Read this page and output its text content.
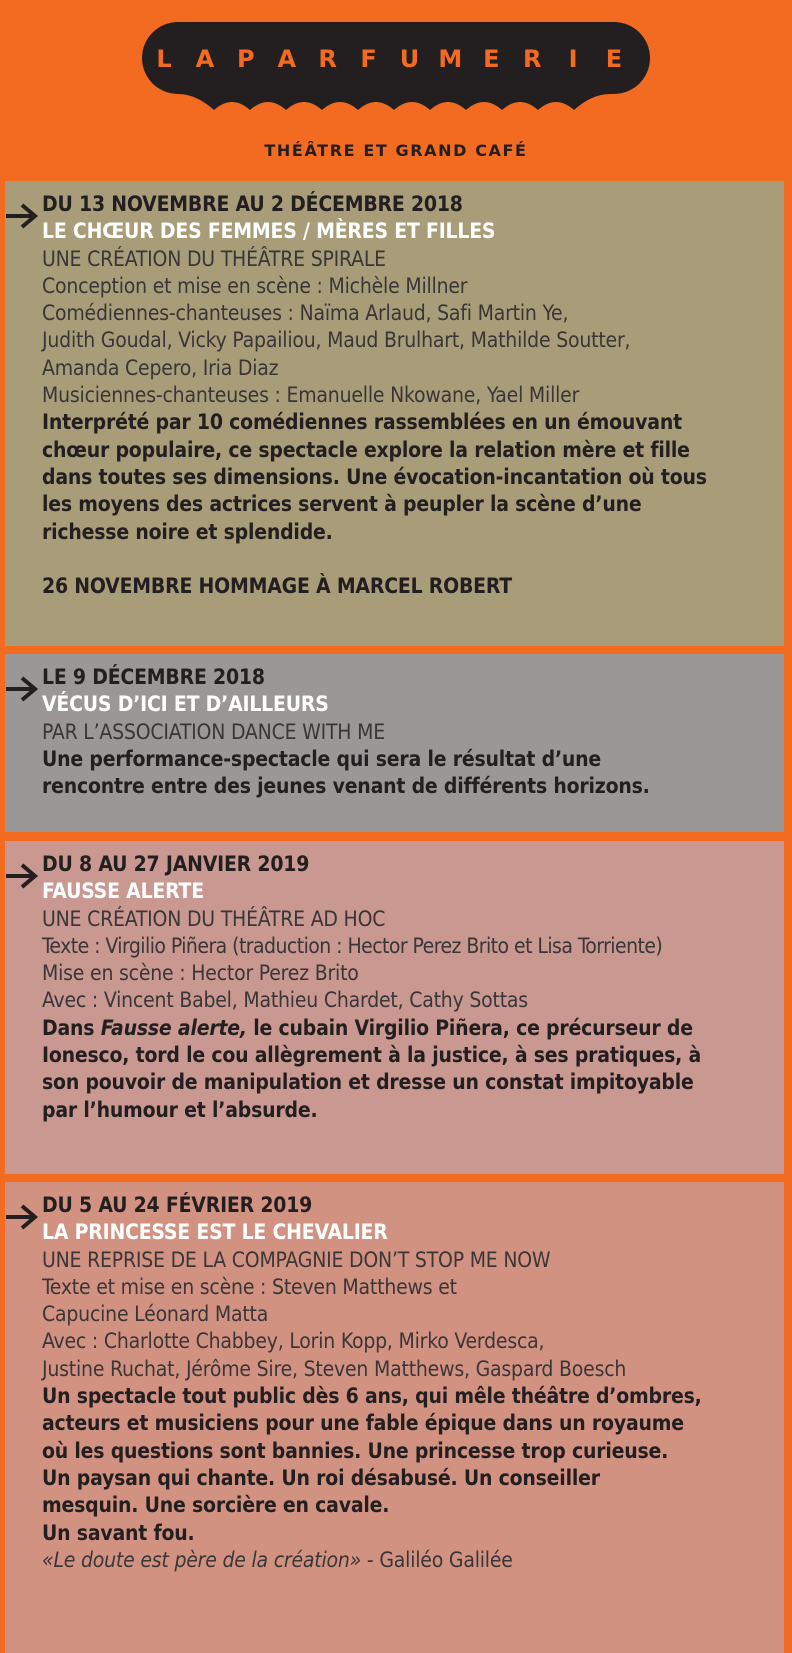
L A P A R F U M E R I E
THÉÂTRE ET GRAND CAFÉ
DU 13 NOVEMBRE AU 2 DÉCEMBRE 2018
LE CHŒUR DES FEMMES / MÈRES ET FILLES
UNE CRÉATION DU THÉÂTRE SPIRALE
Conception et mise en scène : Michèle Millner
Comédiennes-chanteuses : Naïma Arlaud, Safi Martin Ye,
Judith Goudal, Vicky Papailiou, Maud Brulhart, Mathilde Soutter,
Amanda Cepero, Iria Diaz
Musiciennes-chanteuses : Emanuelle Nkowane, Yael Miller
Interprété par 10 comédiennes rassemblées en un émouvant
chœur populaire, ce spectacle explore la relation mère et fille
dans toutes ses dimensions. Une évocation-incantation où tous
les moyens des actrices servent à peupler la scène d’une
richesse noire et splendide.
26 NOVEMBRE HOMMAGE À MARCEL ROBERT
LE 9 DÉCEMBRE 2018
VÉCUS D’ICI ET D’AILLEURS
PAR L’ASSOCIATION DANCE WITH ME
Une performance-spectacle qui sera le résultat d’une
rencontre entre des jeunes venant de différents horizons.
DU 8 AU 27 JANVIER 2019
FAUSSE ALERTE
UNE CRÉATION DU THÉÂTRE AD HOC
Texte : Virgilio Piñera (traduction : Hector Perez Brito et Lisa Torriente)
Mise en scène : Hector Perez Brito
Avec : Vincent Babel, Mathieu Chardet, Cathy Sottas
Dans Fausse alerte, le cubain Virgilio Piñera, ce précurseur de
Ionesco, tord le cou allègrement à la justice, à ses pratiques, à
son pouvoir de manipulation et dresse un constat impitoyable
par l’humour et l’absurde.
DU 5 AU 24 FÉVRIER 2019
LA PRINCESSE EST LE CHEVALIER
UNE REPRISE DE LA COMPAGNIE DON’T STOP ME NOW
Texte et mise en scène : Steven Matthews et
Capucine Léonard Matta
Avec : Charlotte Chabbey, Lorin Kopp, Mirko Verdesca,
Justine Ruchat, Jérôme Sire, Steven Matthews, Gaspard Boesch
Un spectacle tout public dès 6 ans, qui mêle théâtre d’ombres,
acteurs et musiciens pour une fable épique dans un royaume
où les questions sont bannies. Une princesse trop curieuse.
Un paysan qui chante. Un roi désabusé. Un conseiller
mesquin. Une sorcière en cavale.
Un savant fou.
«Le doute est père de la création» - Galiléo Galilée
